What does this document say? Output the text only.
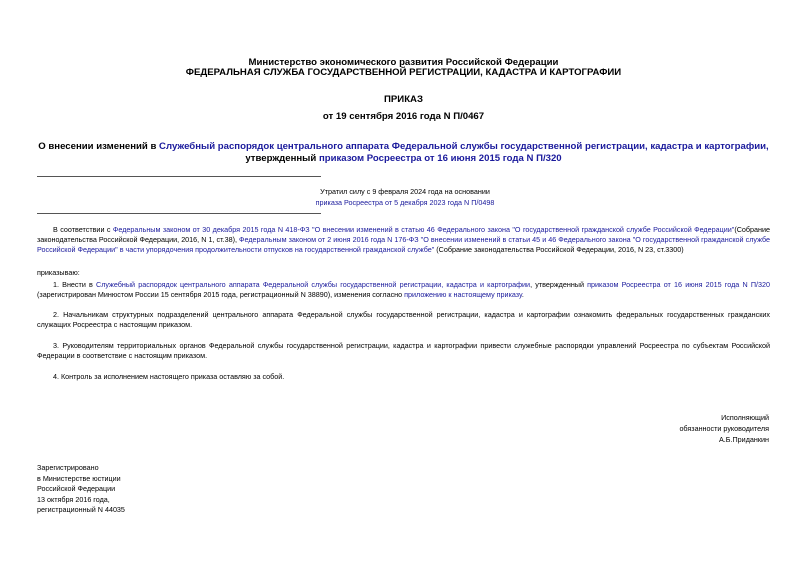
Министерство экономического развития Российской Федерации
ФЕДЕРАЛЬНАЯ СЛУЖБА ГОСУДАРСТВЕННОЙ РЕГИСТРАЦИИ, КАДАСТРА И КАРТОГРАФИИ
ПРИКАЗ
от 19 сентября 2016 года N П/0467
О внесении изменений в Служебный распорядок центрального аппарата Федеральной службы государственной регистрации, кадастра и картографии,
утвержденный приказом Росреестра от 16 июня 2015 года N П/320
Утратил силу с 9 февраля 2024 года на основании
приказа Росреестра от 5 декабря 2023 года N П/0498
В соответствии с Федеральным законом от 30 декабря 2015 года N 418-ФЗ "О внесении изменений в статью 46 Федерального закона "О государственной гражданской службе Российской Федерации"(Собрание законодательства Российской Федерации, 2016, N 1, ст.38), Федеральным законом от 2 июня 2016 года N 176-ФЗ "О внесении изменений в статьи 45 и 46 Федерального закона "О государственной гражданской службе Российской Федерации" в части упорядочения продолжительности отпусков на государственной гражданской службе" (Собрание законодательства Российской Федерации, 2016, N 23, ст.3300)
приказываю:
1. Внести в Служебный распорядок центрального аппарата Федеральной службы государственной регистрации, кадастра и картографии, утвержденный приказом Росреестра от 16 июня 2015 года N П/320 (зарегистрирован Минюстом России 15 сентября 2015 года, регистрационный N 38890), изменения согласно приложению к настоящему приказу.
2. Начальникам структурных подразделений центрального аппарата Федеральной службы государственной регистрации, кадастра и картографии ознакомить федеральных государственных гражданских служащих Росреестра с настоящим приказом.
3. Руководителям территориальных органов Федеральной службы государственной регистрации, кадастра и картографии привести служебные распорядки управлений Росреестра по субъектам Российской Федерации в соответствие с настоящим приказом.
4. Контроль за исполнением настоящего приказа оставляю за собой.
Исполняющий
обязанности руководителя
А.Б.Приданкин
Зарегистрировано
в Министерстве юстиции
Российской Федерации
13 октября 2016 года,
регистрационный N 44035
